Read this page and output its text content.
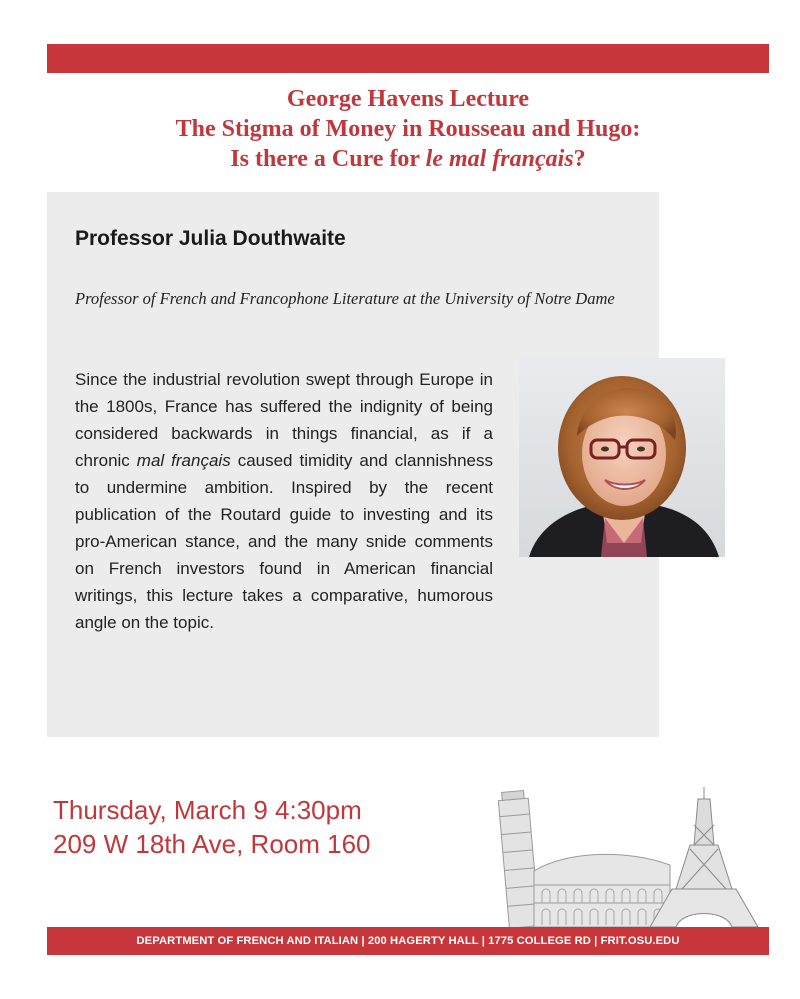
George Havens Lecture
The Stigma of Money in Rousseau and Hugo:
Is there a Cure for le mal français?
Professor Julia Douthwaite
Professor of French and Francophone Literature at the University of Notre Dame
Since the industrial revolution swept through Europe in the 1800s, France has suffered the indignity of being considered backwards in things financial, as if a chronic mal français caused timidity and clannishness to undermine ambition. Inspired by the recent publication of the Routard guide to investing and its pro-American stance, and the many snide comments on French investors found in American financial writings, this lecture takes a comparative, humorous angle on the topic.
Thursday, March 9 4:30pm
209 W 18th Ave, Room 160
DEPARTMENT OF FRENCH AND ITALIAN | 200 HAGERTY HALL | 1775 COLLEGE RD | FRIT.OSU.EDU
